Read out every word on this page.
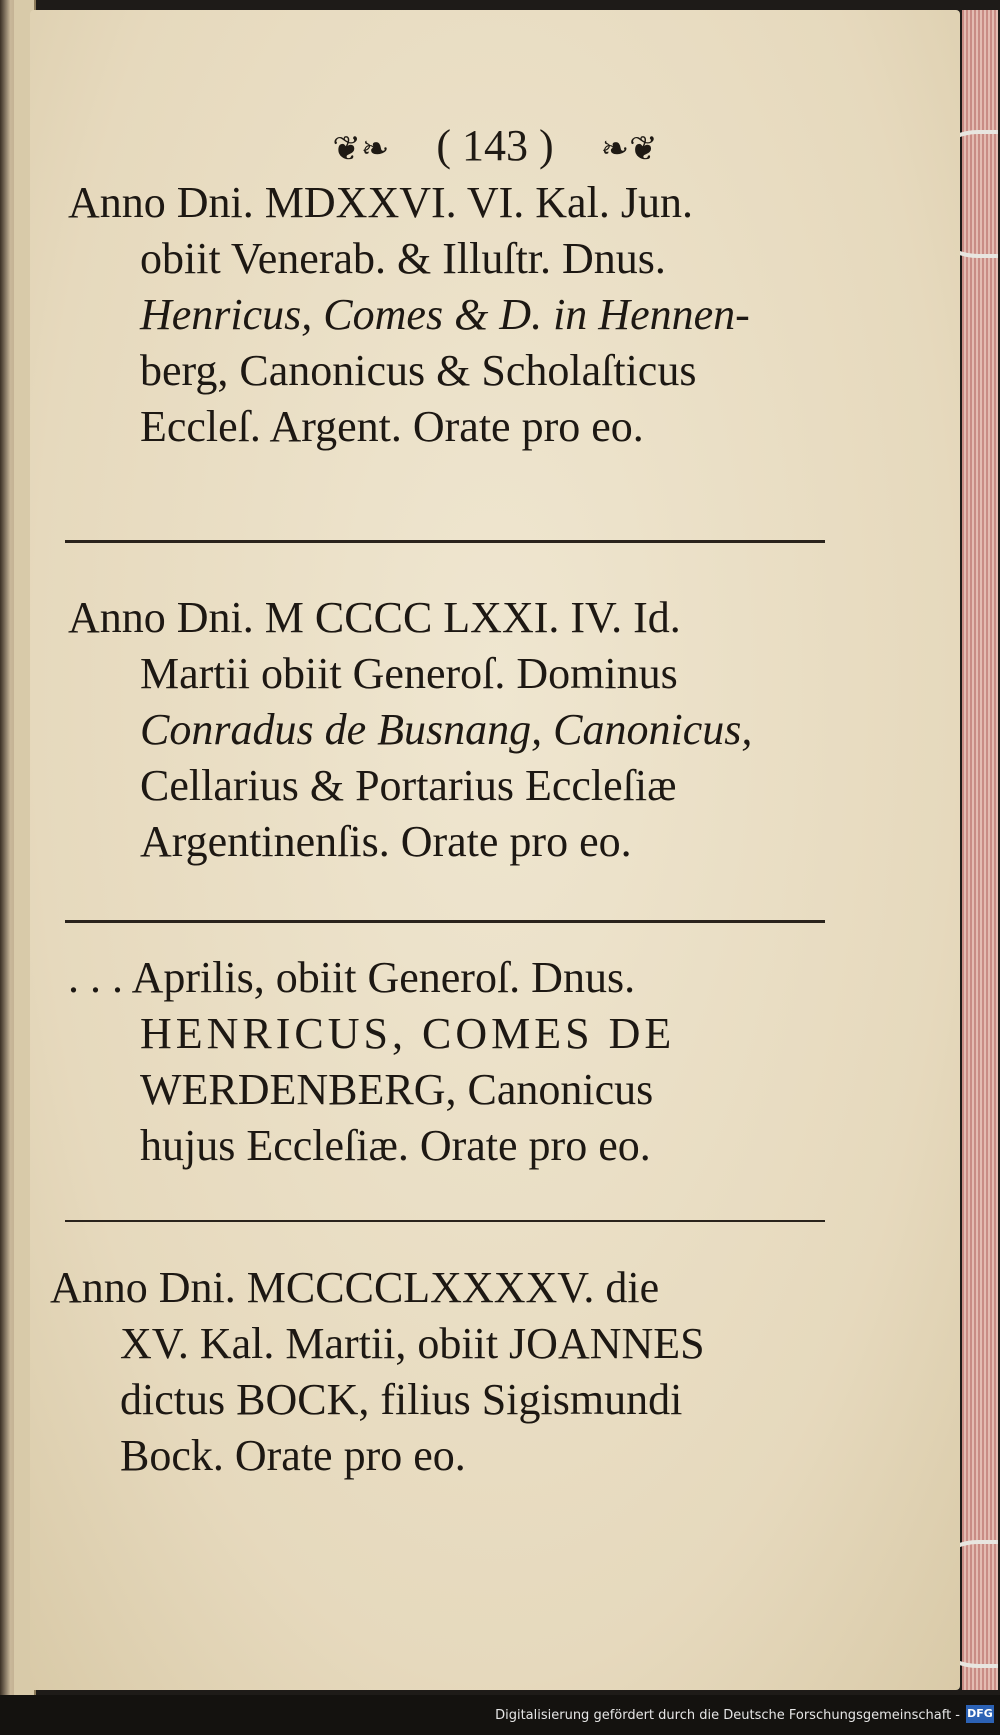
❦❧ ( 143 ) ❧❦
Anno Dni. MDXXVI. VI. Kal. Jun.
obiit Venerab. & Illuſtr. Dnus.
Henricus, Comes & D. in Hennen-
berg, Canonicus & Scholaſticus
Eccleſ. Argent. Orate pro eo.
Anno Dni. M CCCC LXXI. IV. Id.
Martii obiit Generoſ. Dominus
Conradus de Busnang, Canonicus,
Cellarius & Portarius Eccleſiæ
Argentinenſis. Orate pro eo.
. . . Aprilis, obiit Generoſ. Dnus.
HENRICUS, COMES DE
WERDENBERG, Canonicus
hujus Eccleſiæ. Orate pro eo.
Anno Dni. MCCCCLXXXXV. die
XV. Kal. Martii, obiit JOANNES
dictus BOCK, filius Sigismundi
Bock. Orate pro eo.
Digitalisierung gefördert durch die Deutsche Forschungsgemeinschaft - DFG
